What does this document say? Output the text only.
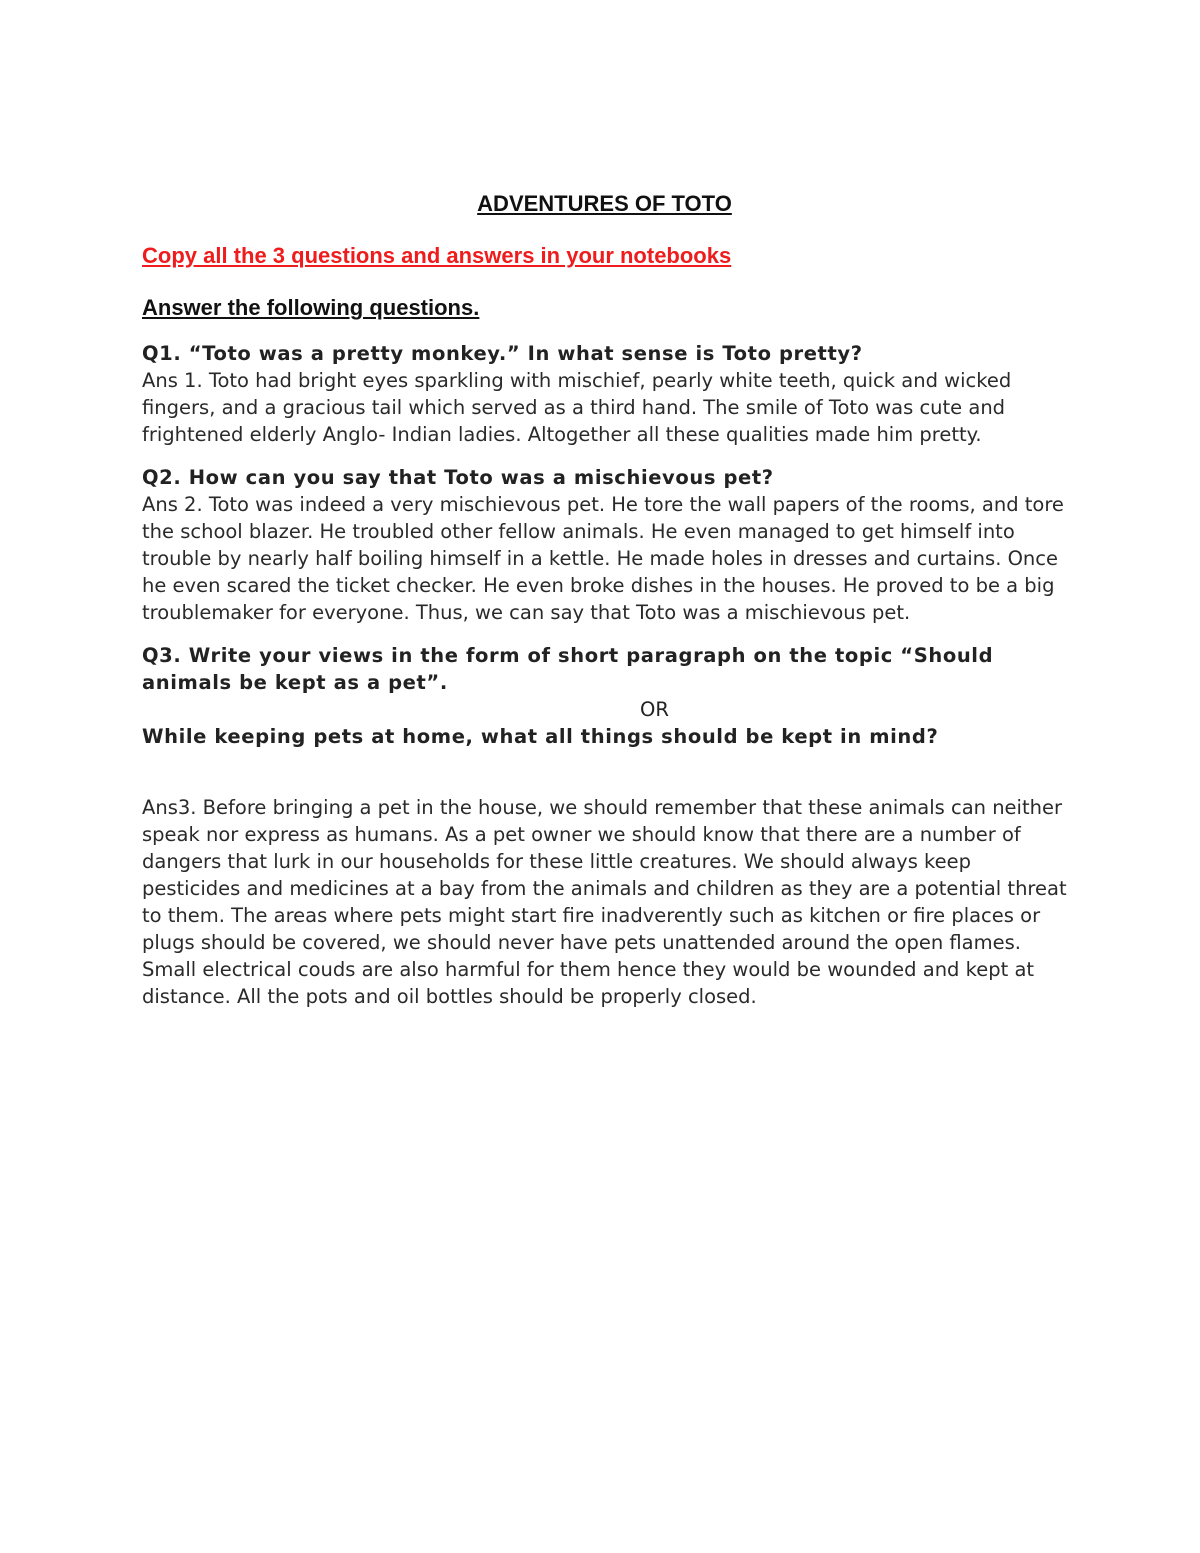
ADVENTURES OF TOTO

Copy all the 3 questions and answers in your notebooks

Answer the following questions.

Q1. “Toto was a pretty monkey.” In what sense is Toto pretty?

Ans 1. Toto had bright eyes sparkling with mischief, pearly white teeth, quick and wicked fingers, and a gracious tail which served as a third hand. The smile of Toto was cute and frightened elderly Anglo- Indian ladies. Altogether all these qualities made him pretty.

Q2. How can you say that Toto was a mischievous pet?

Ans 2. Toto was indeed a very mischievous pet. He tore the wall papers of the rooms, and tore the school blazer. He troubled other fellow animals. He even managed to get himself into trouble by nearly half boiling himself in a kettle. He made holes in dresses and curtains. Once he even scared the ticket checker. He even broke dishes in the houses. He proved to be a big troublemaker for everyone. Thus, we can say that Toto was a mischievous pet.

Q3. Write your views in the form of short paragraph on the topic “Should animals be kept as a pet”.

OR

While keeping pets at home, what all things should be kept in mind?

Ans3. Before bringing a pet in the house, we should remember that these animals can neither speak nor express as humans. As a pet owner we should know that there are a number of dangers that lurk in our households for these little creatures. We should always keep pesticides and medicines at a bay from the animals and children as they are a potential threat to them. The areas where pets might start fire inadverently such as kitchen or fire places or plugs should be covered, we should never have pets unattended around the open flames. Small electrical couds are also harmful for them hence they would be wounded and kept at distance. All the pots and oil bottles should be properly closed.
